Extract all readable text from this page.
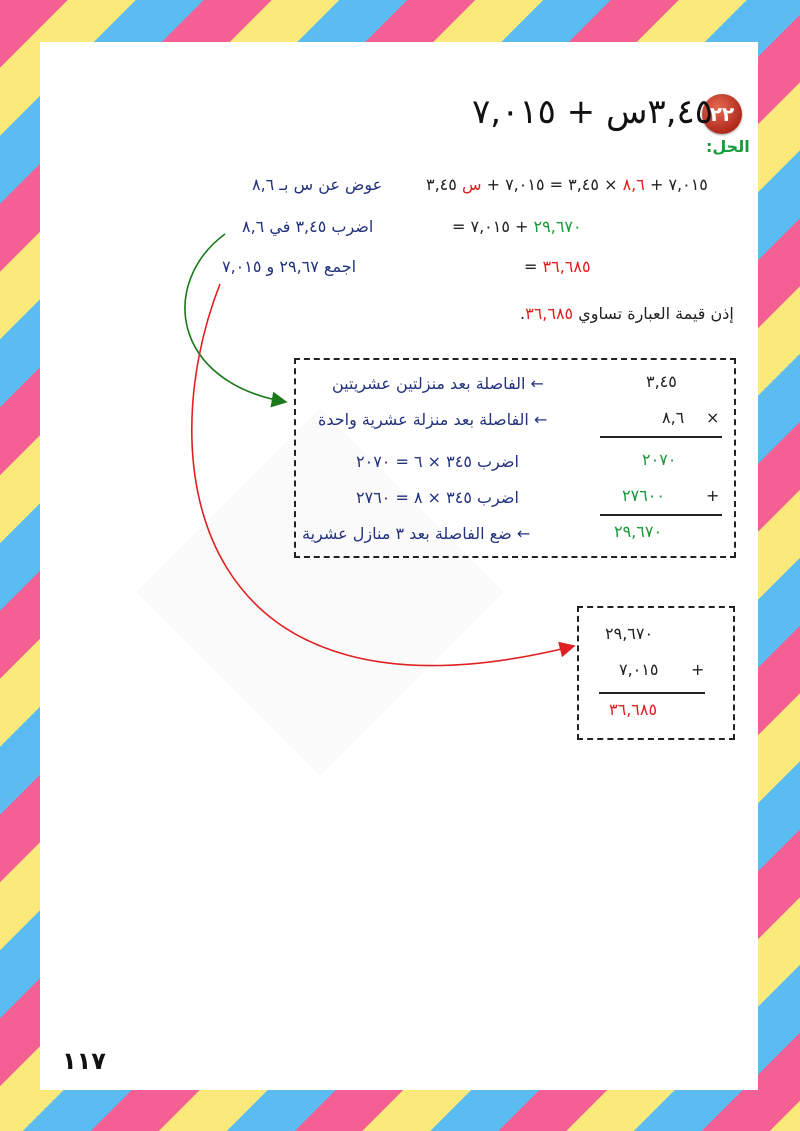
٢٢
٣,٤٥س + ٧,٠١٥
الحل:
٧,٠١٥ + ٨,٦ × ٣,٤٥ = ٧,٠١٥ + س ٣,٤٥
عوض عن س بـ ٨,٦
=	٢٩,٦٧٠ + ٧,٠١٥
اضرب ٣,٤٥ في ٨,٦
= ٣٦,٦٨٥
اجمع ٢٩,٦٧ و ٧,٠١٥
إذن قيمة العبارة تساوي ٣٦,٦٨٥.
٣,٤٥
← الفاصلة بعد منزلتين عشريتين
٨,٦ ×
← الفاصلة بعد منزلة عشرية واحدة
٢٠٧٠
اضرب ٣٤٥ × ٦ = ٢٠٧٠
٢٧٦٠٠	+
اضرب ٣٤٥ × ٨ = ٢٧٦٠
٢٩,٦٧٠
← ضع الفاصلة بعد ٣ منازل عشرية
٢٩,٦٧٠
٧,٠١٥ +
٣٦,٦٨٥
١١٧
